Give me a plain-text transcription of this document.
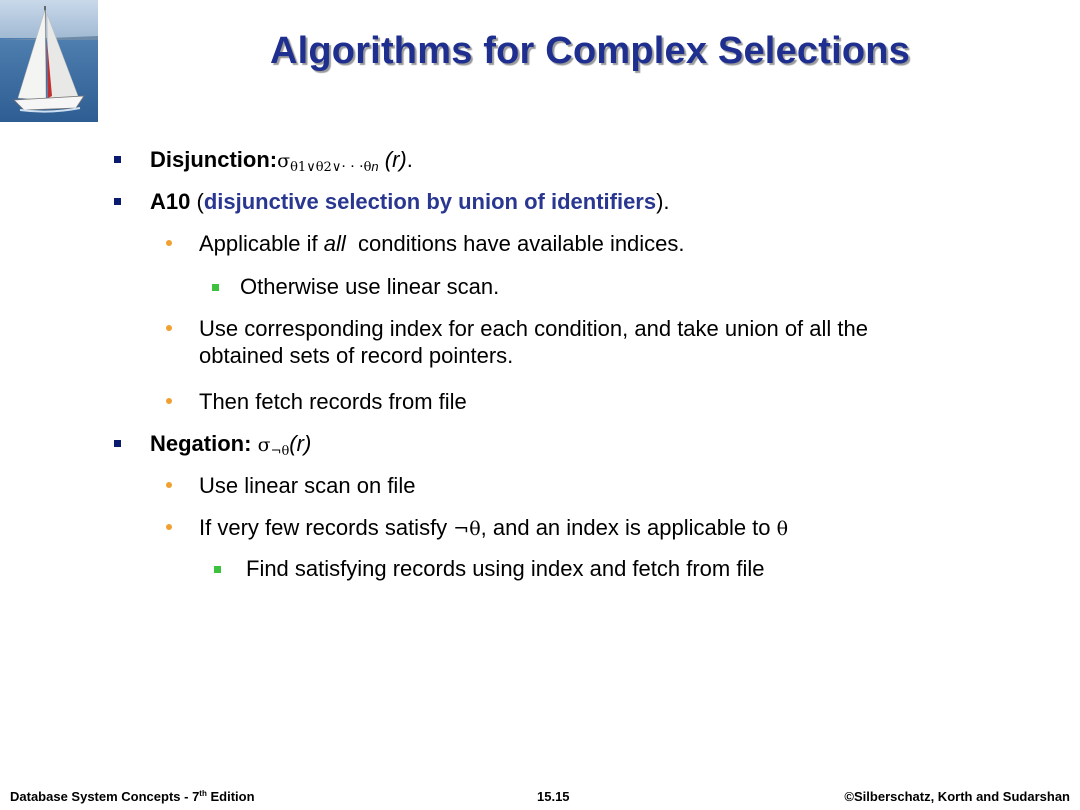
Algorithms for Complex Selections
$Disjunction:\sigma_{\theta 1\vee\theta 2\vee}$. . $._{\theta n}$ (r).
A10 (disjunctive selection by union of identifiers).
Applicable if all  conditions have available indices.
Otherwise use linear scan.
Use corresponding index for each condition, and take union of all the
obtained sets of record pointers.
Then fetch records from file
Negation: $\sigma_{\neg\theta}(r)$
Use linear scan on file
If very few records satisfy ¬θ, and an index is applicable to θ
Find satisfying records using index and fetch from file
Database System Concepts - 7th Edition	15.15	©Silberschatz, Korth and Sudarshan
